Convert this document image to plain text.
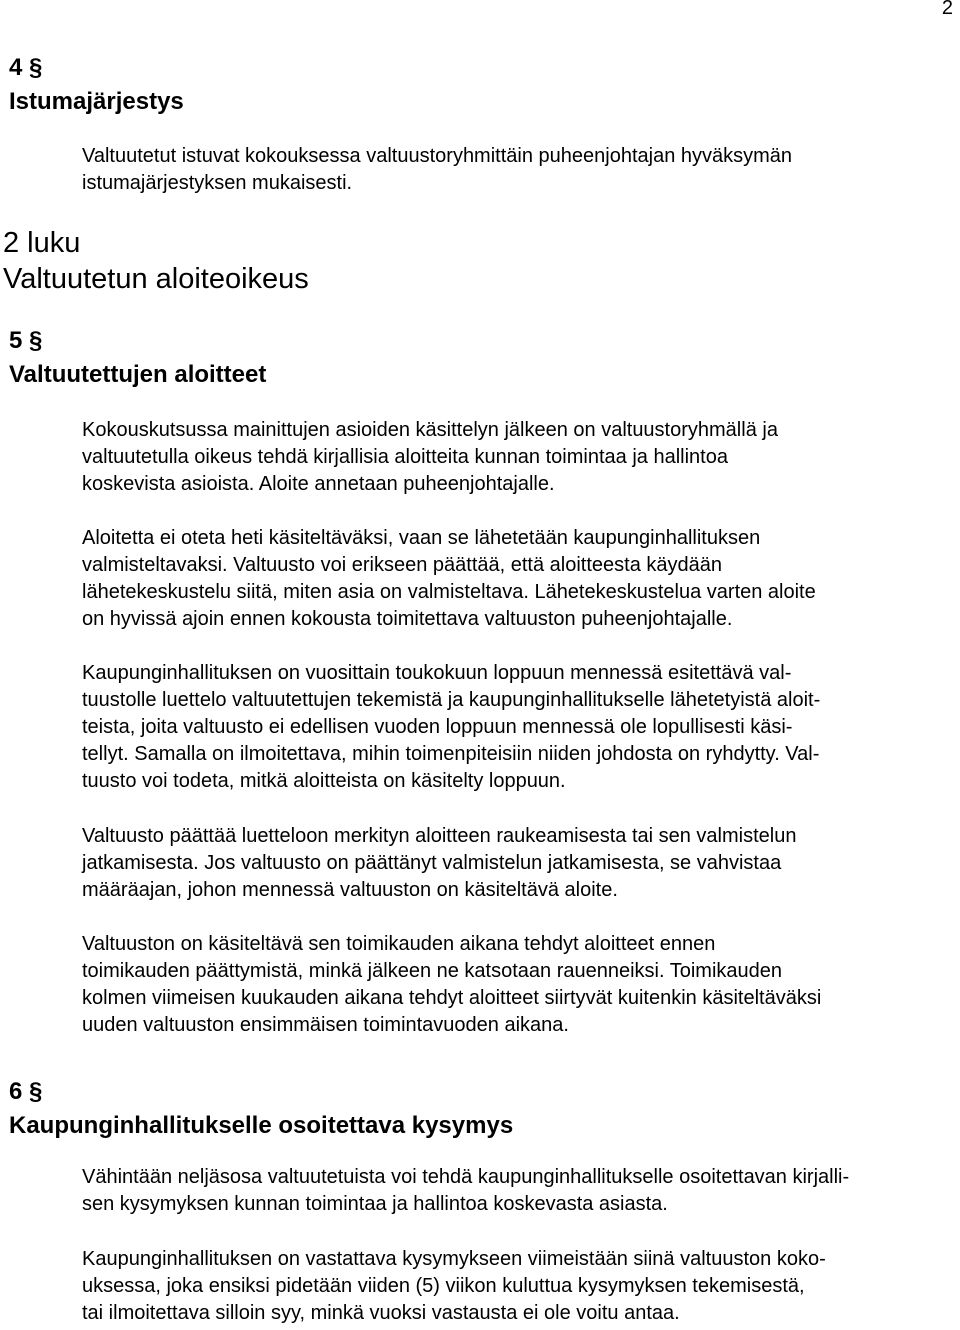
2
4 §
Istumajärjestys

Valtuutetut istuvat kokouksessa valtuustoryhmittäin puheenjohtajan hyväksymän
istumajärjestyksen mukaisesti.

2 luku
Valtuutetun aloiteoikeus
5 §
Valtuutettujen aloitteet

Kokouskutsussa mainittujen asioiden käsittelyn jälkeen on valtuustoryhmällä ja
valtuutetulla oikeus tehdä kirjallisia aloitteita kunnan toimintaa ja hallintoa
koskevista asioista. Aloite annetaan puheenjohtajalle.

Aloitetta ei oteta heti käsiteltäväksi, vaan se lähetetään kaupunginhallituksen
valmisteltavaksi. Valtuusto voi erikseen päättää, että aloitteesta käydään
lähetekeskustelu siitä, miten asia on valmisteltava. Lähetekeskustelua varten aloite
on hyvissä ajoin ennen kokousta toimitettava valtuuston puheenjohtajalle.

Kaupunginhallituksen on vuosittain toukokuun loppuun mennessä esitettävä val-
tuustolle luettelo valtuutettujen tekemistä ja kaupunginhallitukselle lähetetyistä aloit-
teista, joita valtuusto ei edellisen vuoden loppuun mennessä ole lopullisesti käsi-
tellyt. Samalla on ilmoitettava, mihin toimenpiteisiin niiden johdosta on ryhdytty. Val-
tuusto voi todeta, mitkä aloitteista on käsitelty loppuun.

Valtuusto päättää luetteloon merkityn aloitteen raukeamisesta tai sen valmistelun
jatkamisesta. Jos valtuusto on päättänyt valmistelun jatkamisesta, se vahvistaa
määräajan, johon mennessä valtuuston on käsiteltävä aloite.

Valtuuston on käsiteltävä sen toimikauden aikana tehdyt aloitteet ennen
toimikauden päättymistä, minkä jälkeen ne katsotaan rauenneiksi. Toimikauden
kolmen viimeisen kuukauden aikana tehdyt aloitteet siirtyvät kuitenkin käsiteltäväksi
uuden valtuuston ensimmäisen toimintavuoden aikana.

6 §
Kaupunginhallitukselle osoitettava kysymys

Vähintään neljäsosa valtuutetuista voi tehdä kaupunginhallitukselle osoitettavan kirjalli-
sen kysymyksen kunnan toimintaa ja hallintoa koskevasta asiasta.

Kaupunginhallituksen on vastattava kysymykseen viimeistään siinä valtuuston koko-
uksessa, joka ensiksi pidetään viiden (5) viikon kuluttua kysymyksen tekemisestä,
tai ilmoitettava silloin syy, minkä vuoksi vastausta ei ole voitu antaa.
